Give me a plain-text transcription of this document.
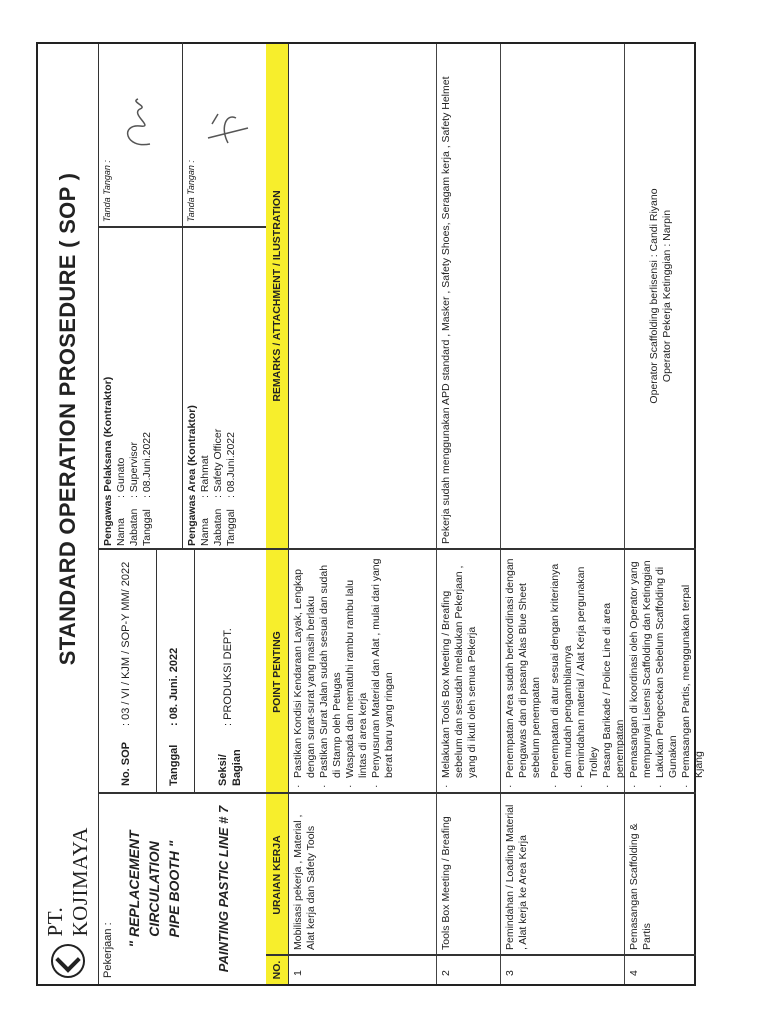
PT. KOJIMAYA
STANDARD OPERATION PROSEDURE ( SOP )
Pekerjaan :
" REPLACEMENT CIRCULATION PIPE BOOTH "	PAINTING PASTIC LINE # 7
No. SOP
: 03 / VI / KJM / SOP-Y MM/ 2022
Tanggal
: 08. Juni. 2022
Seksi/ Bagian
: PRODUKSI DEPT.
Pengawas Pelaksana (Kontraktor) Nama
: Gunato
Jabatan
: Supervisor
Tanggal
: 08.Juni.2022
Tanda Tangan :
Pengawas Area (Kontraktor) Nama
: Rahmat
Jabatan
: Safety Officer
Tanggal
: 08.Juni.2022
Tanda Tangan :
NO.
URAIAN KERJA
POINT PENTING
REMARKS / ATTACHMENT / ILUSTRATION
1
Mobilisasi pekerja , Material , Alat kerja dan Safety Tools
·
Pastikan Kondisi Kendaraan Layak, Lengkap dengan surat-surat yang masih berlaku
·
Pastikan Surat Jalan sudah sesuai dan sudah di Stamp oleh Petugas
·
Waspada dan mematuhi rambu rambu lalu lintas di area kerja
·
Penyusunan Material dan Alat , mulai dari yang berat baru yang ringan
2
Tools Box Meeting / Breafing
·
Melakukan Tools Box Meeting / Breafing sebelum dan sesudah melakukan Pekerjaan , yang di ikuti oleh semua Pekerja
Pekerja sudah menggunakan APD standard , Masker , Safety Shoes, Seragam kerja , Safety Helmet
3
Pemindahan / Loading Material , Alat kerja ke Area Kerja
·
Penempatan Area sudah berkoordinasi dengan Pengawas dan di pasang Alas Blue Sheet sebelum penempatan
·
Penempatan di atur sesuai dengan kriterianya dan mudah pengambilannya
·
Pemindahan material / Alat Kerja pergunakan Trolley
·
Pasang Barikade / Police Line di area penempatan
4
Pemasangan Scaffolding & Partis
·
Pemasangan di koordinasi oleh Operator yang mempunyai Lisensi Scaffolding dan Ketinggian
·
Lakukan Pengecekan Sebelum Scaffolding di Gunakan
·
Pemasangan Partis, menggunakan terpal Kjang
Operator Scaffolding berlisensi : Candi Riyano Operator Pekerja Ketinggian : Narpin
